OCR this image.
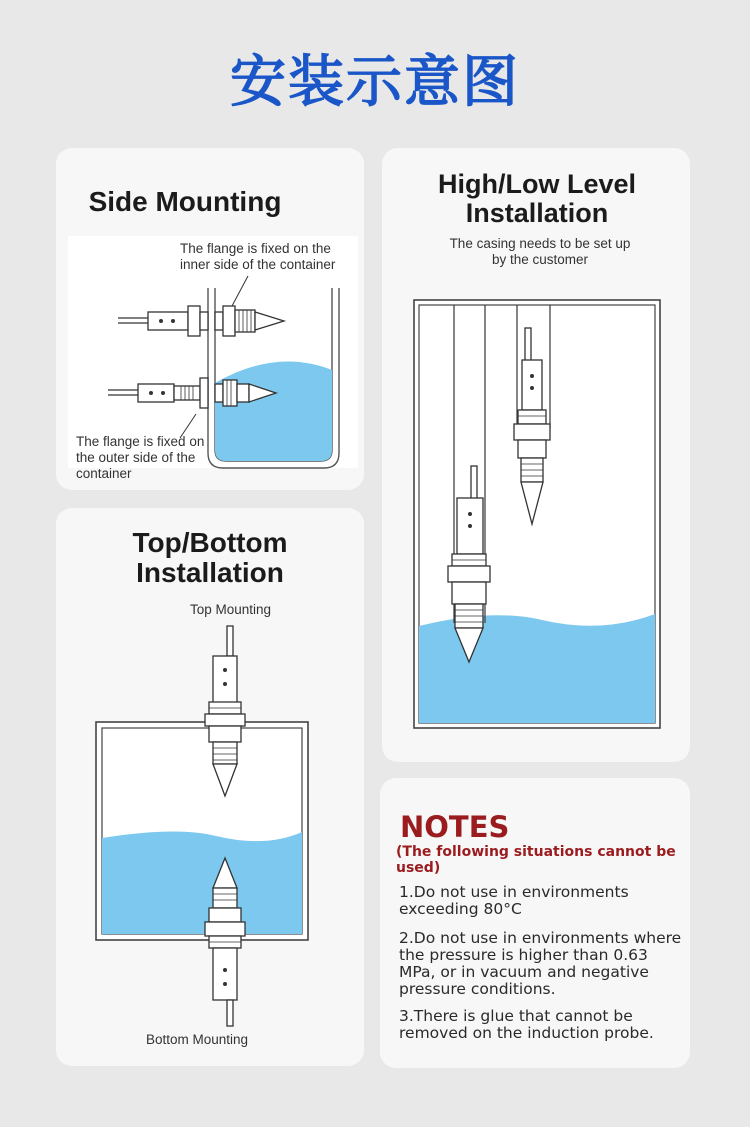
安装示意图
Side Mounting
The flange is fixed on the inner side of the container
The flange is fixed on the outer side of the container
High/Low Level Installation
The casing needs to be set up by the customer
Top/Bottom Installation
Top Mounting
Bottom Mounting
NOTES
(The following situations cannot be used)
1.Do not use in environments exceeding 80°C
2.Do not use in environments where the pressure is higher than 0.63 MPa, or in vacuum and negative pressure conditions.
3.There is glue that cannot be removed on the induction probe.
